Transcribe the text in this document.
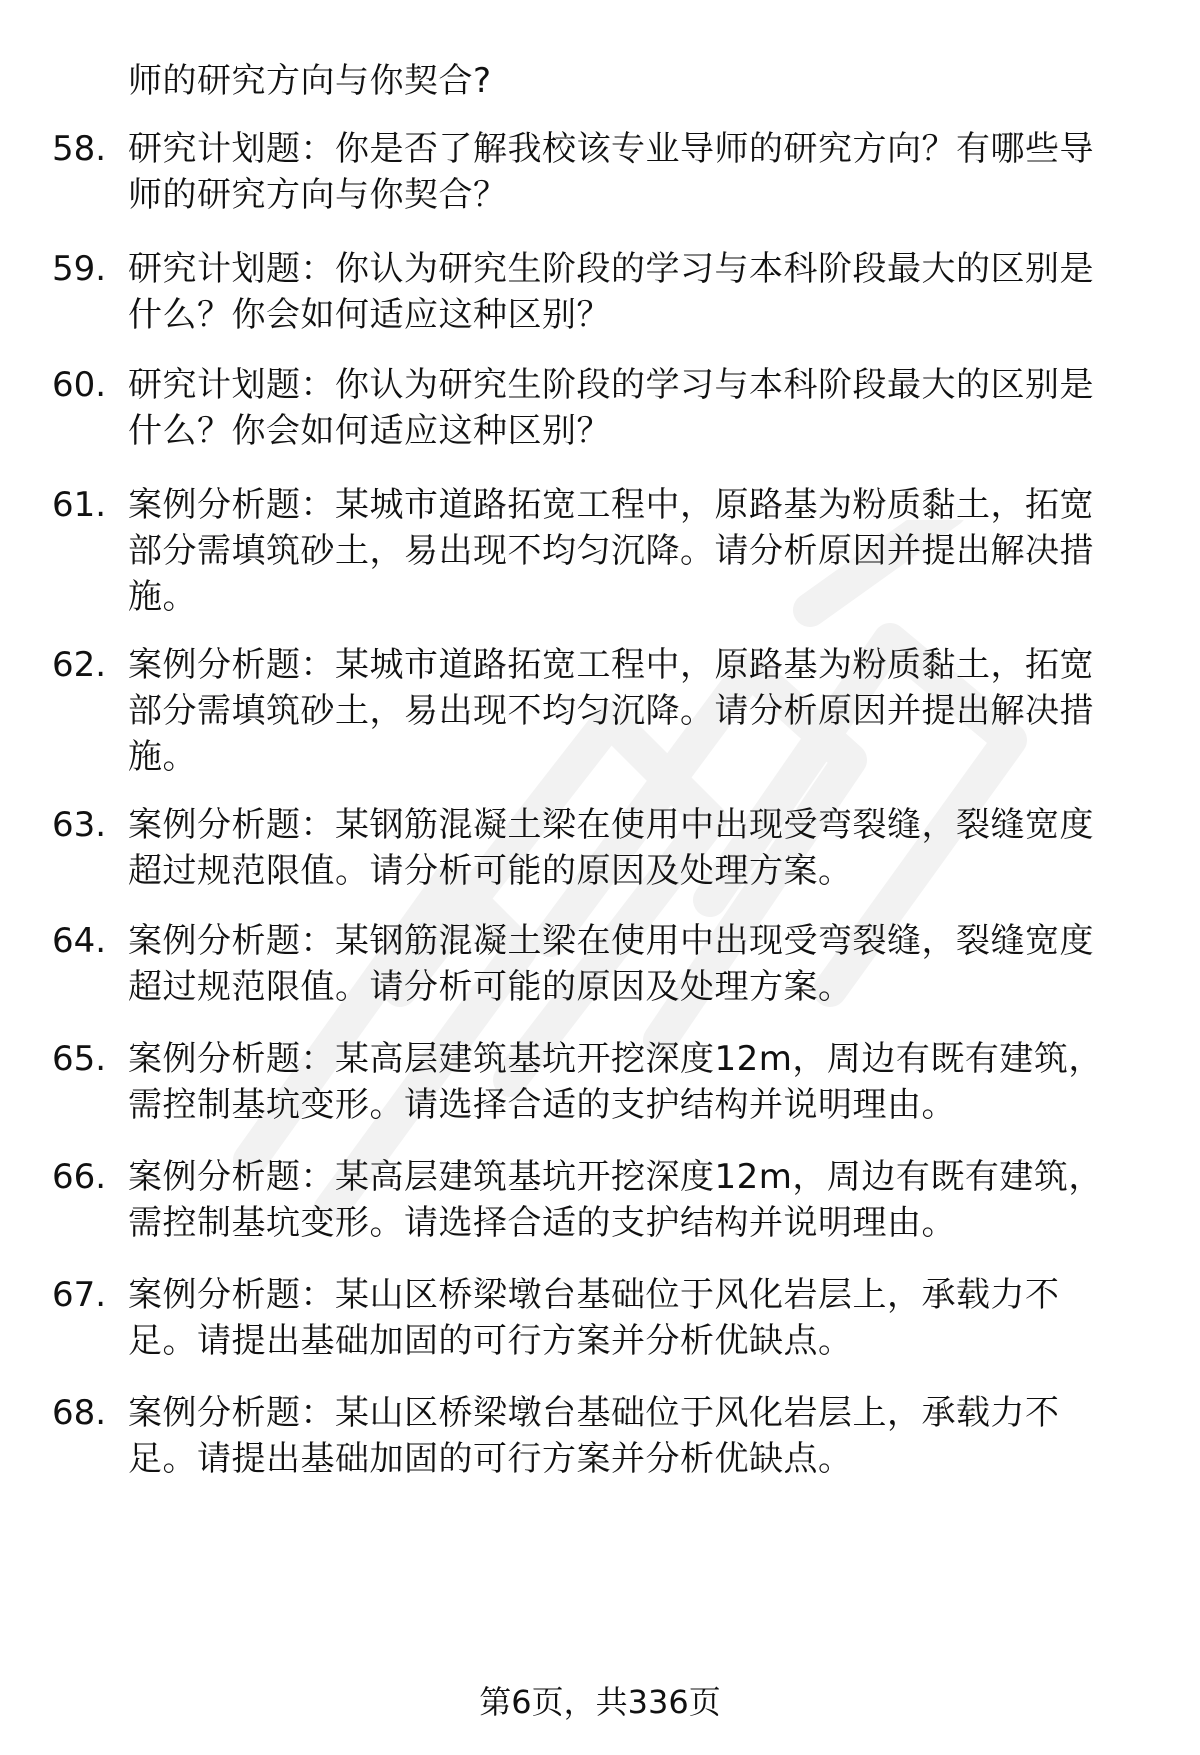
师的研究方向与你契合?
58. 研究计划题：你是否了解我校该专业导师的研究方向？有哪些导
师的研究方向与你契合？
59. 研究计划题：你认为研究生阶段的学习与本科阶段最大的区别是
什么？你会如何适应这种区别？
60. 研究计划题：你认为研究生阶段的学习与本科阶段最大的区别是
什么？你会如何适应这种区别？
61. 案例分析题：某城市道路拓宽工程中，原路基为粉质黏土，拓宽
部分需填筑砂土，易出现不均匀沉降。请分析原因并提出解决措
施。
62. 案例分析题：某城市道路拓宽工程中，原路基为粉质黏土，拓宽
部分需填筑砂土，易出现不均匀沉降。请分析原因并提出解决措
施。
63. 案例分析题：某钢筋混凝土梁在使用中出现受弯裂缝，裂缝宽度
超过规范限值。请分析可能的原因及处理方案。
64. 案例分析题：某钢筋混凝土梁在使用中出现受弯裂缝，裂缝宽度
超过规范限值。请分析可能的原因及处理方案。
65. 案例分析题：某高层建筑基坑开挖深度12m，周边有既有建筑，
需控制基坑变形。请选择合适的支护结构并说明理由。
66. 案例分析题：某高层建筑基坑开挖深度12m，周边有既有建筑，
需控制基坑变形。请选择合适的支护结构并说明理由。
67. 案例分析题：某山区桥梁墩台基础位于风化岩层上，承载力不
足。请提出基础加固的可行方案并分析优缺点。
68. 案例分析题：某山区桥梁墩台基础位于风化岩层上，承载力不
足。请提出基础加固的可行方案并分析优缺点。
第6页，共336页
